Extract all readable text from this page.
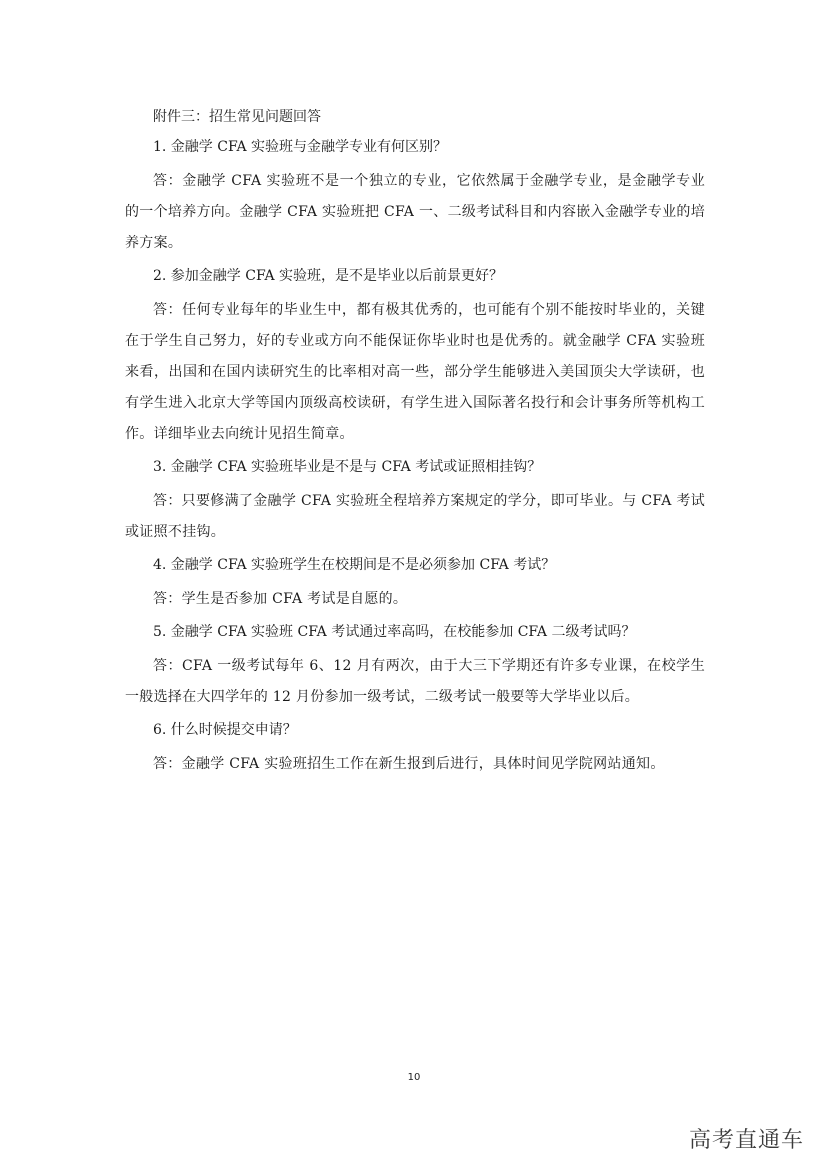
附件三：招生常见问题回答

1. 金融学 CFA 实验班与金融学专业有何区别？

答：金融学 CFA 实验班不是一个独立的专业，它依然属于金融学专业，是金融学专业的一个培养方向。金融学 CFA 实验班把 CFA 一、二级考试科目和内容嵌入金融学专业的培养方案。

2. 参加金融学 CFA 实验班，是不是毕业以后前景更好？

答：任何专业每年的毕业生中，都有极其优秀的，也可能有个别不能按时毕业的，关键在于学生自己努力，好的专业或方向不能保证你毕业时也是优秀的。就金融学 CFA 实验班来看，出国和在国内读研究生的比率相对高一些，部分学生能够进入美国顶尖大学读研，也有学生进入北京大学等国内顶级高校读研，有学生进入国际著名投行和会计事务所等机构工作。详细毕业去向统计见招生简章。

3. 金融学 CFA 实验班毕业是不是与 CFA 考试或证照相挂钩？

答：只要修满了金融学 CFA 实验班全程培养方案规定的学分，即可毕业。与 CFA 考试或证照不挂钩。

4. 金融学 CFA 实验班学生在校期间是不是必须参加 CFA 考试？

答：学生是否参加 CFA 考试是自愿的。

5. 金融学 CFA 实验班 CFA 考试通过率高吗，在校能参加 CFA 二级考试吗？

答：CFA 一级考试每年 6、12 月有两次，由于大三下学期还有许多专业课，在校学生一般选择在大四学年的 12 月份参加一级考试，二级考试一般要等大学毕业以后。

6. 什么时候提交申请？

答：金融学 CFA 实验班招生工作在新生报到后进行，具体时间见学院网站通知。

10
高考直通车
